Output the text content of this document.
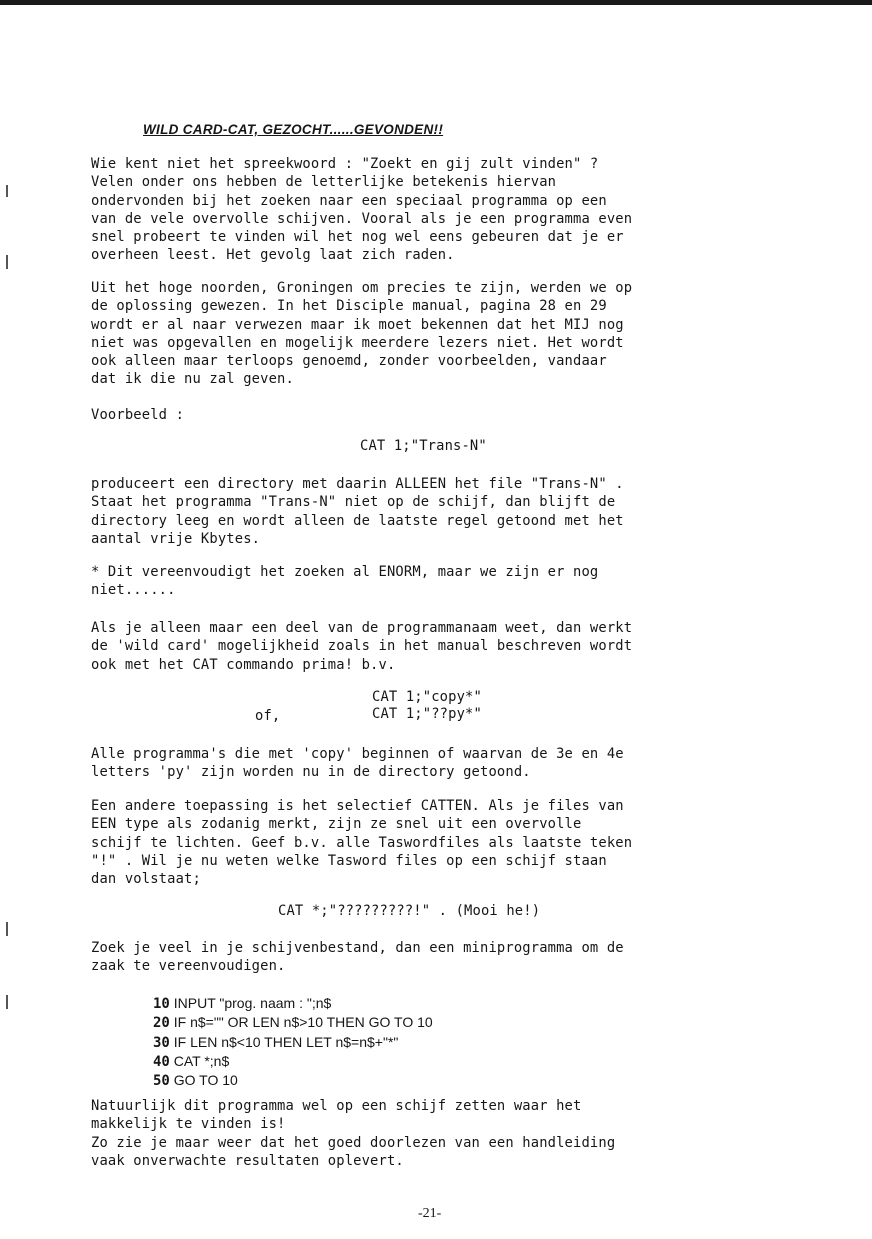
WILD CARD-CAT, GEZOCHT......GEVONDEN!!
Wie kent niet het spreekwoord : "Zoekt en gij zult vinden" ?
Velen onder ons hebben de letterlijke betekenis hiervan
ondervonden bij het zoeken naar een speciaal programma op een
van de vele overvolle schijven. Vooral als je een programma even
snel probeert te vinden wil het nog wel eens gebeuren dat je er
overheen leest. Het gevolg laat zich raden.
Uit het hoge noorden, Groningen om precies te zijn, werden we op
de oplossing gewezen. In het Disciple manual, pagina 28 en 29
wordt er al naar verwezen maar ik moet bekennen dat het MIJ nog
niet was opgevallen en mogelijk meerdere lezers niet. Het wordt
ook alleen maar terloops genoemd, zonder voorbeelden, vandaar
dat ik die nu zal geven.
Voorbeeld :
CAT 1;"Trans-N"
produceert een directory met daarin ALLEEN het file "Trans-N" .
Staat het programma "Trans-N" niet op de schijf, dan blijft de
directory leeg en wordt alleen de laatste regel getoond met het
aantal vrije Kbytes.
* Dit vereenvoudigt het zoeken al ENORM, maar we zijn er nog
niet......
Als je alleen maar een deel van de programmanaam weet, dan werkt
de 'wild card' mogelijkheid zoals in het manual beschreven wordt
ook met het CAT commando prima! b.v.
CAT 1;"copy*"
of,	CAT 1;"??py*"
Alle programma's die met 'copy' beginnen of waarvan de 3e en 4e
letters 'py' zijn worden nu in de directory getoond.
Een andere toepassing is het selectief CATTEN. Als je files van
EEN type als zodanig merkt, zijn ze snel uit een overvolle
schijf te lichten. Geef b.v. alle Taswordfiles als laatste teken
"!" . Wil je nu weten welke Tasword files op een schijf staan
dan volstaat;
CAT *;"?????????!" . (Mooi he!)
Zoek je veel in je schijvenbestand, dan een miniprogramma om de
zaak te vereenvoudigen.
10 INPUT "prog. naam : ";n$
20 IF n$="" OR LEN n$>10 THEN GO TO 10
30 IF LEN n$<10 THEN LET n$=n$+"*"
40 CAT *;n$
50 GO TO 10
Natuurlijk dit programma wel op een schijf zetten waar het
makkelijk te vinden is!
Zo zie je maar weer dat het goed doorlezen van een handleiding
vaak onverwachte resultaten oplevert.
-21-
